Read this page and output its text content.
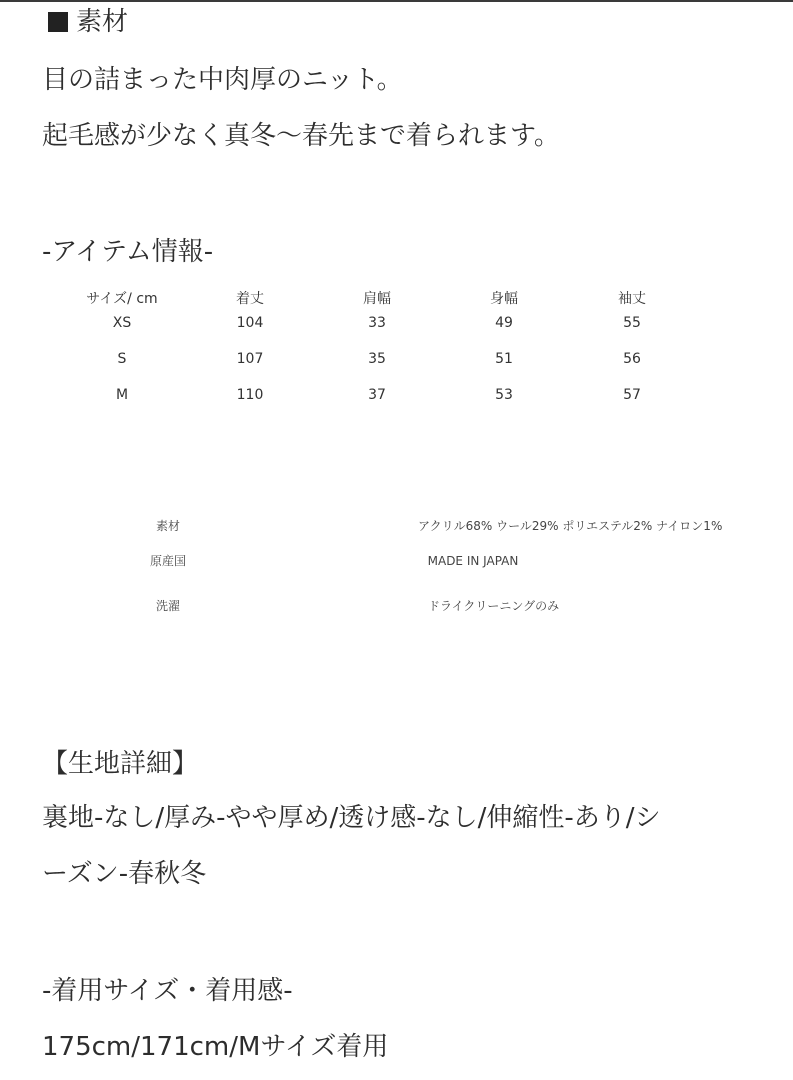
素材
目の詰まった中肉厚のニット。
起毛感が少なく真冬〜春先まで着られます。
-アイテム情報-
サイズ/ cm	着丈	肩幅	身幅	袖丈
XS	104	33	49	55
S	107	35	51	56
M	110	37	53	57
素材	アクリル68% ウール29% ポリエステル2% ナイロン1%
原産国	MADE IN JAPAN
洗濯	ドライクリーニングのみ
【生地詳細】
裏地-なし/厚み-やや厚め/透け感-なし/伸縮性-あり/シ
ーズン-春秋冬
-着用サイズ・着用感-
175cm/171cm/Mサイズ着用
